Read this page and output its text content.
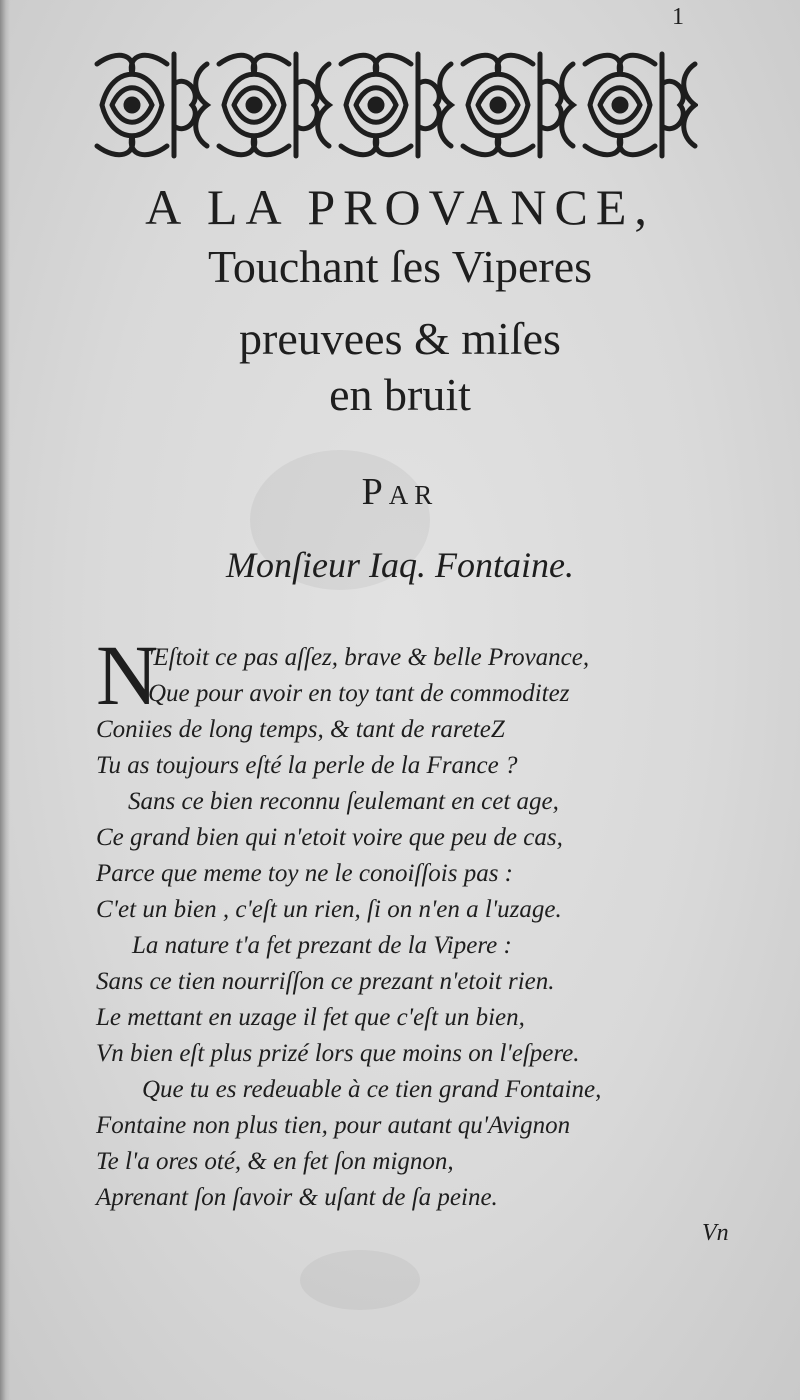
1
A LA PROVANCE,
Touchant ſes Viperes
preuvees & miſes
en bruit
Par
Monſieur Iaq. Fontaine.
N
'Eſtoit ce pas aſſez, brave & belle Provance,
Que pour avoir en toy tant de commoditez
Coniies de long temps, & tant de rareteZ
Tu as toujours eſté la perle de la France ?
Sans ce bien reconnu ſeulemant en cet age,
Ce grand bien qui n'etoit voire que peu de cas,
Parce que meme toy ne le conoiſſois pas :
C'et un bien , c'eſt un rien, ſi on n'en a l'uzage.
La nature t'a fet prezant de la Vipere :
Sans ce tien nourriſſon ce prezant n'etoit rien.
Le mettant en uzage il fet que c'eſt un bien,
Vn bien eſt plus prizé lors que moins on l'eſpere.
Que tu es redeuable à ce tien grand Fontaine,
Fontaine non plus tien, pour autant qu'Avignon
Te l'a ores oté, & en fet ſon mignon,
Aprenant ſon ſavoir & uſant de ſa peine.
Vn
